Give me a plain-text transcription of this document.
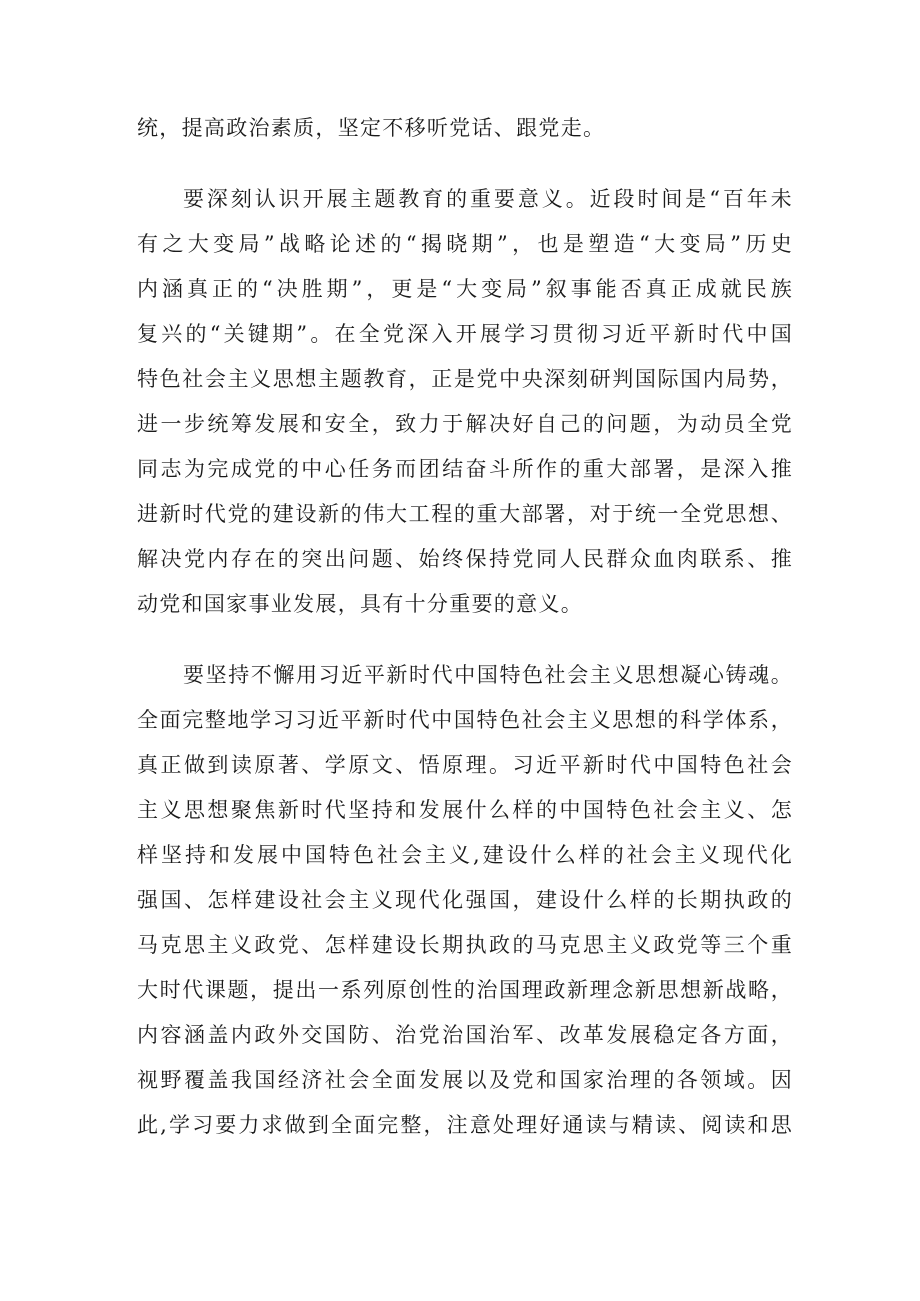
统，提高政治素质，坚定不移听党话、跟党走。
要深刻认识开展主题教育的重要意义。近段时间是“百年未
有之大变局”战略论述的“揭晓期”，也是塑造“大变局”历史
内涵真正的“决胜期”，更是“大变局”叙事能否真正成就民族
复兴的“关键期”。在全党深入开展学习贯彻习近平新时代中国
特色社会主义思想主题教育，正是党中央深刻研判国际国内局势，
进一步统筹发展和安全，致力于解决好自己的问题，为动员全党
同志为完成党的中心任务而团结奋斗所作的重大部署，是深入推
进新时代党的建设新的伟大工程的重大部署，对于统一全党思想、
解决党内存在的突出问题、始终保持党同人民群众血肉联系、推
动党和国家事业发展，具有十分重要的意义。
要坚持不懈用习近平新时代中国特色社会主义思想凝心铸魂。
全面完整地学习习近平新时代中国特色社会主义思想的科学体系，
真正做到读原著、学原文、悟原理。习近平新时代中国特色社会
主义思想聚焦新时代坚持和发展什么样的中国特色社会主义、怎
样坚持和发展中国特色社会主义,建设什么样的社会主义现代化
强国、怎样建设社会主义现代化强国，建设什么样的长期执政的
马克思主义政党、怎样建设长期执政的马克思主义政党等三个重
大时代课题，提出一系列原创性的治国理政新理念新思想新战略，
内容涵盖内政外交国防、治党治国治军、改革发展稳定各方面，
视野覆盖我国经济社会全面发展以及党和国家治理的各领域。因
此,学习要力求做到全面完整，注意处理好通读与精读、阅读和思
